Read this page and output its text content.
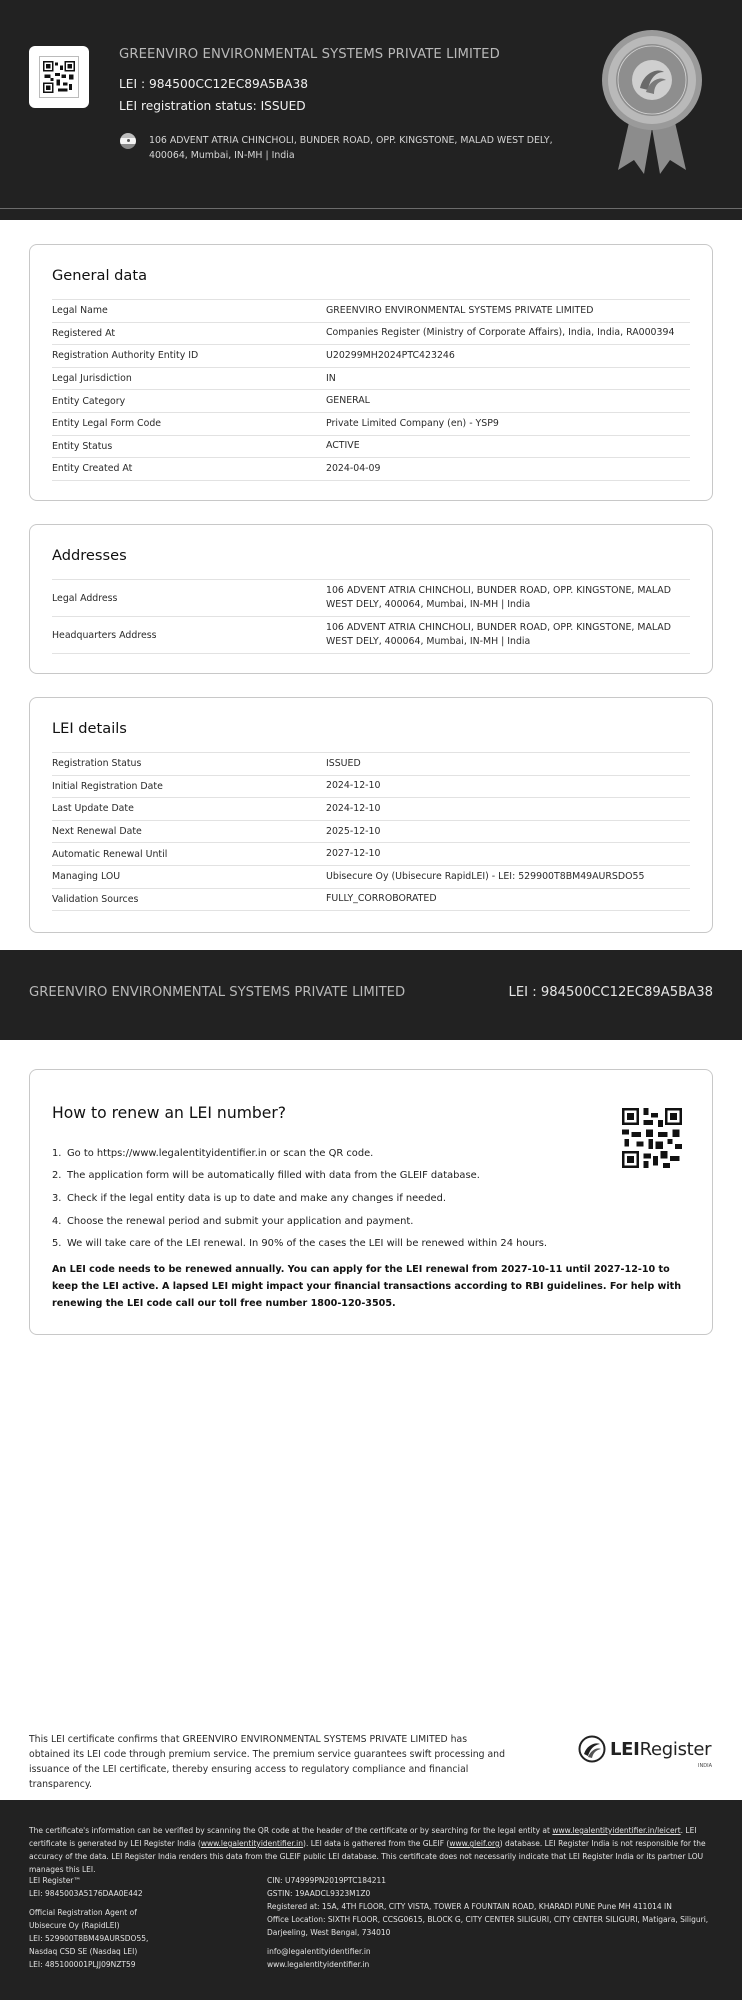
GREENVIRO ENVIRONMENTAL SYSTEMS PRIVATE LIMITED
LEI : 984500CC12EC89A5BA38
LEI registration status: ISSUED
106 ADVENT ATRIA CHINCHOLI, BUNDER ROAD, OPP. KINGSTONE, MALAD WEST DELY, 400064, Mumbai, IN-MH | India
General data
Legal Name	GREENVIRO ENVIRONMENTAL SYSTEMS PRIVATE LIMITED
Registered At	Companies Register (Ministry of Corporate Affairs), India, India, RA000394
Registration Authority Entity ID	U20299MH2024PTC423246
Legal Jurisdiction	IN
Entity Category	GENERAL
Entity Legal Form Code	Private Limited Company (en) - YSP9
Entity Status	ACTIVE
Entity Created At	2024-04-09
Addresses
Legal Address
106 ADVENT ATRIA CHINCHOLI, BUNDER ROAD, OPP. KINGSTONE, MALAD WEST DELY, 400064, Mumbai, IN-MH | India
Headquarters Address
106 ADVENT ATRIA CHINCHOLI, BUNDER ROAD, OPP. KINGSTONE, MALAD WEST DELY, 400064, Mumbai, IN-MH | India
LEI details
Registration Status	ISSUED
Initial Registration Date	2024-12-10
Last Update Date	2024-12-10
Next Renewal Date	2025-12-10
Automatic Renewal Until	2027-12-10
Managing LOU	Ubisecure Oy (Ubisecure RapidLEI) - LEI: 529900T8BM49AURSDO55
Validation Sources	FULLY_CORROBORATED
GREENVIRO ENVIRONMENTAL SYSTEMS PRIVATE LIMITED	LEI : 984500CC12EC89A5BA38
How to renew an LEI number?
1. Go to https://www.legalentityidentifier.in or scan the QR code.
2. The application form will be automatically filled with data from the GLEIF database.
3. Check if the legal entity data is up to date and make any changes if needed.
4. Choose the renewal period and submit your application and payment.
5. We will take care of the LEI renewal. In 90% of the cases the LEI will be renewed within 24 hours.
An LEI code needs to be renewed annually. You can apply for the LEI renewal from 2027-10-11 until 2027-12-10 to keep the LEI active. A lapsed LEI might impact your financial transactions according to RBI guidelines. For help with renewing the LEI code call our toll free number 1800-120-3505.
This LEI certificate confirms that GREENVIRO ENVIRONMENTAL SYSTEMS PRIVATE LIMITED has obtained its LEI code through premium service. The premium service guarantees swift processing and issuance of the LEI certificate, thereby ensuring access to regulatory compliance and financial transparency.
LEIRegister
INDIA
The certificate's information can be verified by scanning the QR code at the header of the certificate or by searching for the legal entity at www.legalentityidentifier.in/leicert. LEI certificate is generated by LEI Register India (www.legalentityidentifier.in). LEI data is gathered from the GLEIF (www.gleif.org) database. LEI Register India is not responsible for the accuracy of the data. LEI Register India renders this data from the GLEIF public LEI database. This certificate does not necessarily indicate that LEI Register India or its partner LOU manages this LEI.
LEI Register™
LEI: 9845003A5176DAA0E442
Official Registration Agent of
Ubisecure Oy (RapidLEI)
LEI: 529900T8BM49AURSDO55,
Nasdaq CSD SE (Nasdaq LEI)
LEI: 485100001PLJJ09NZT59
CIN: U74999PN2019PTC184211
GSTIN: 19AADCL9323M1Z0
Registered at: 15A, 4TH FLOOR, CITY VISTA, TOWER A FOUNTAIN ROAD, KHARADI PUNE Pune MH 411014 IN
Office Location: SIXTH FLOOR, CCSG0615, BLOCK G, CITY CENTER SILIGURI, CITY CENTER SILIGURI, Matigara, Siliguri, Darjeeling, West Bengal, 734010
info@legalentityidentifier.in
www.legalentityidentifier.in
